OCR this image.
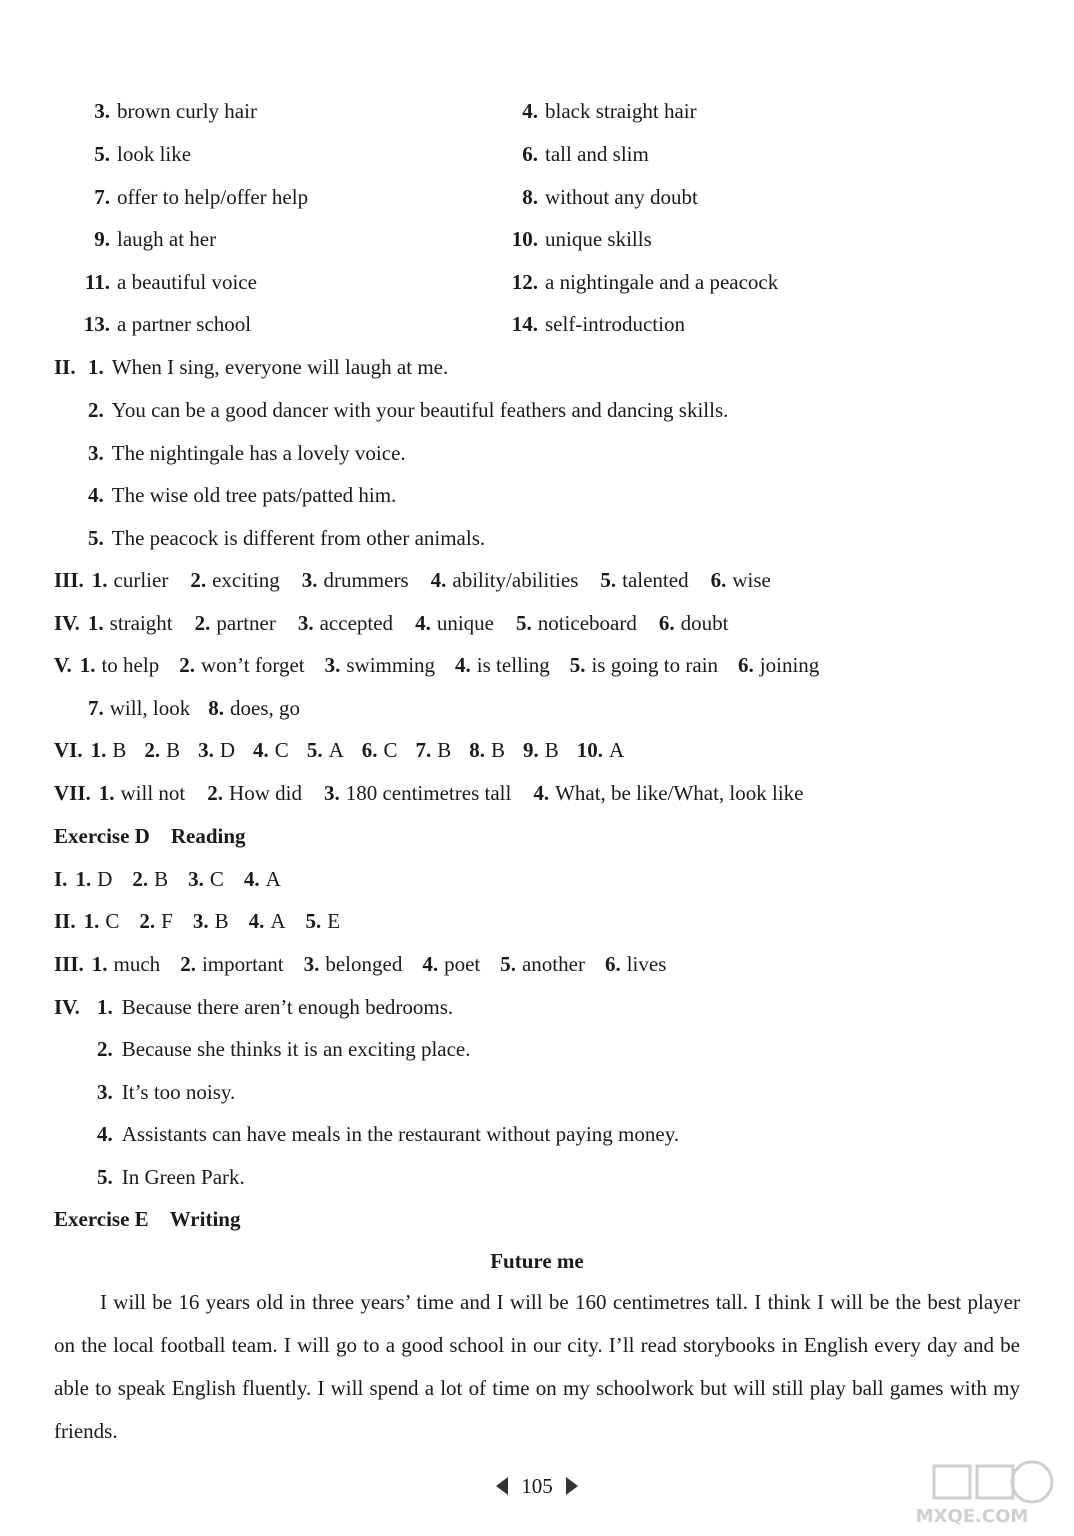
3. brown curly hair	4. black straight hair
5. look like	6. tall and slim
7. offer to help/offer help	8. without any doubt
9. laugh at her	10. unique skills
11. a beautiful voice	12. a nightingale and a peacock
13. a partner school	14. self-introduction
II. 1. When I sing, everyone will laugh at me.
2. You can be a good dancer with your beautiful feathers and dancing skills.
3. The nightingale has a lovely voice.
4. The wise old tree pats/patted him.
5. The peacock is different from other animals.
III. 1. curlier 2. exciting 3. drummers 4. ability/abilities 5. talented 6. wise
IV. 1. straight 2. partner 3. accepted 4. unique 5. noticeboard 6. doubt
V. 1. to help 2. won’t forget 3. swimming 4. is telling 5. is going to rain 6. joining
7. will, look 8. does, go
VI. 1. B 2. B 3. D 4. C 5. A 6. C 7. B 8. B 9. B 10. A
VII. 1. will not 2. How did 3. 180 centimetres tall 4. What, be like/What, look like
Exercise D Reading
I. 1. D 2. B 3. C 4. A
II. 1. C 2. F 3. B 4. A 5. E
III. 1. much 2. important 3. belonged 4. poet 5. another 6. lives
IV. 1. Because there aren’t enough bedrooms.
2. Because she thinks it is an exciting place.
3. It’s too noisy.
4. Assistants can have meals in the restaurant without paying money.
5. In Green Park.
Exercise E Writing
Future me
I will be 16 years old in three years’ time and I will be 160 centimetres tall. I think I will be the best player on the local football team. I will go to a good school in our city. I’ll read storybooks in English every day and be able to speak English fluently. I will spend a lot of time on my schoolwork but will still play ball games with my friends.
105
MXQE.COM
